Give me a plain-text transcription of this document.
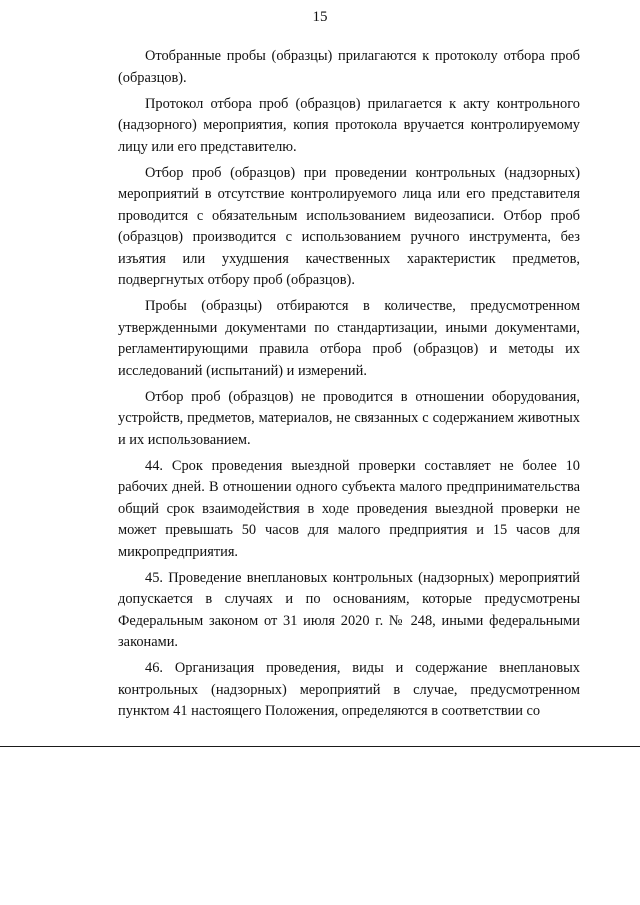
15

Отобранные пробы (образцы) прилагаются к протоколу отбора проб (образцов).

Протокол отбора проб (образцов) прилагается к акту контрольного (надзорного) мероприятия, копия протокола вручается контролируемому лицу или его представителю.

Отбор проб (образцов) при проведении контрольных (надзорных) мероприятий в отсутствие контролируемого лица или его представителя проводится с обязательным использованием видеозаписи. Отбор проб (образцов) производится с использованием ручного инструмента, без изъятия или ухудшения качественных характеристик предметов, подвергнутых отбору проб (образцов).

Пробы (образцы) отбираются в количестве, предусмотренном утвержденными документами по стандартизации, иными документами, регламентирующими правила отбора проб (образцов) и методы их исследований (испытаний) и измерений.

Отбор проб (образцов) не проводится в отношении оборудования, устройств, предметов, материалов, не связанных с содержанием животных и их использованием.

44. Срок проведения выездной проверки составляет не более 10 рабочих дней. В отношении одного субъекта малого предпринимательства общий срок взаимодействия в ходе проведения выездной проверки не может превышать 50 часов для малого предприятия и 15 часов для микропредприятия.

45. Проведение внеплановых контрольных (надзорных) мероприятий допускается в случаях и по основаниям, которые предусмотрены Федеральным законом от 31 июля 2020 г. № 248, иными федеральными законами.

46. Организация проведения, виды и содержание внеплановых контрольных (надзорных) мероприятий в случае, предусмотренном пунктом 41 настоящего Положения, определяются в соответствии со
